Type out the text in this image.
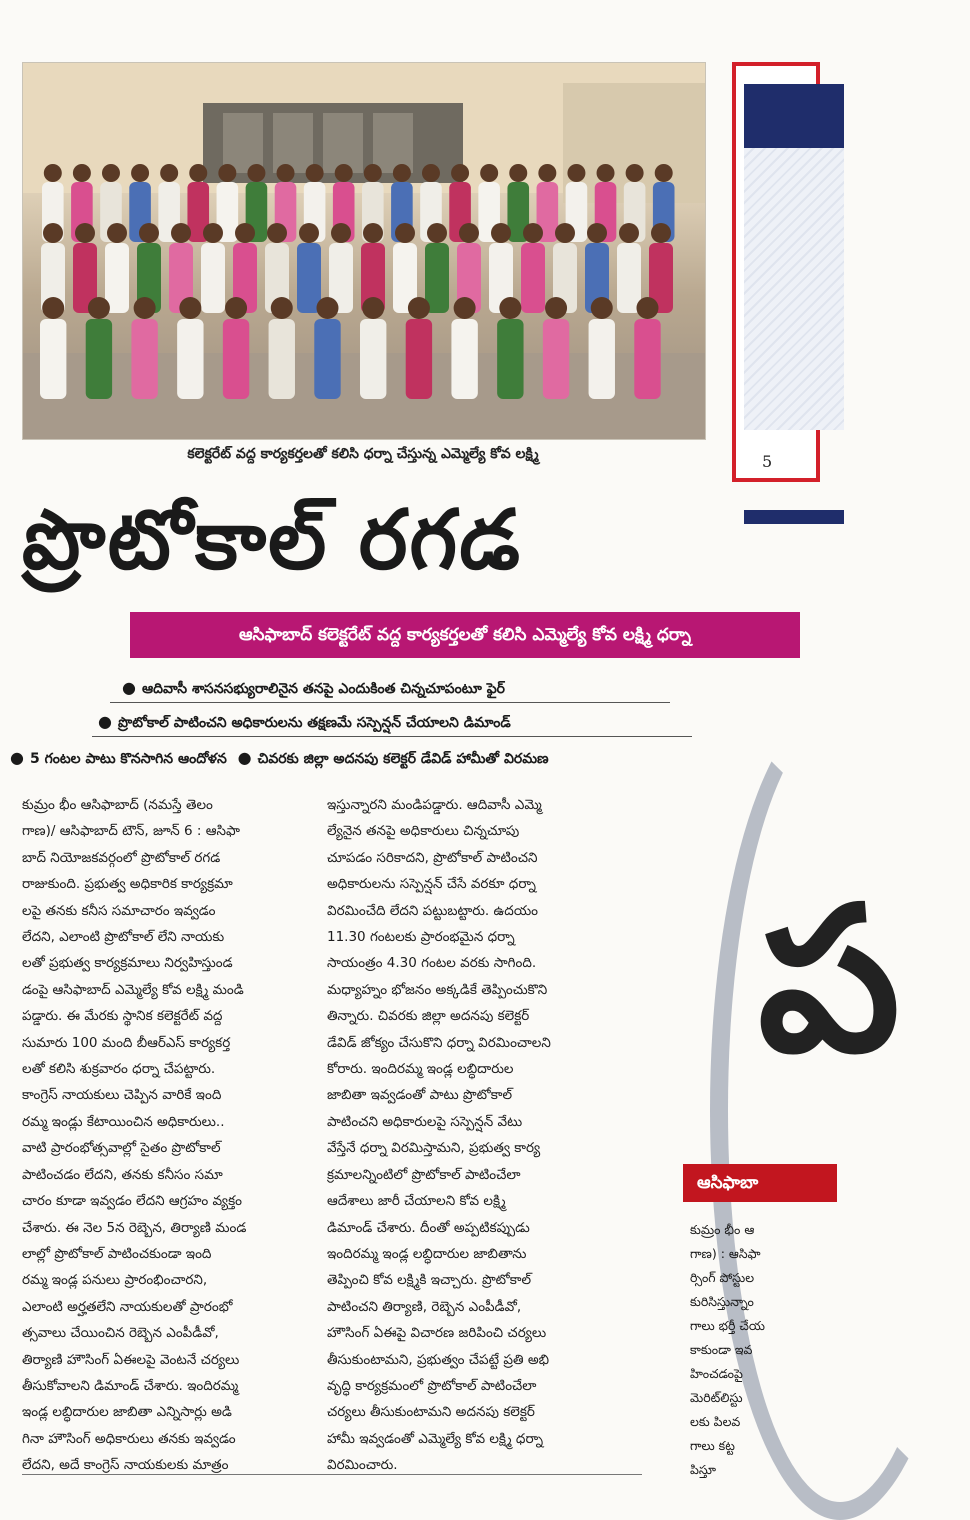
కలెక్టరేట్ వద్ద కార్యకర్తలతో కలిసి ధర్నా చేస్తున్న ఎమ్మెల్యే కోవ లక్ష్మి
ప్రొటోకాల్ రగడ
ఆసిఫాబాద్ కలెక్టరేట్ వద్ద కార్యకర్తలతో కలిసి ఎమ్మెల్యే కోవ లక్ష్మి ధర్నా
● ఆదివాసీ శాసనసభ్యురాలినైన తనపై ఎందుకింత చిన్నచూపంటూ ఫైర్
● ప్రొటోకాల్ పాటించని అధికారులను తక్షణమే సస్పెన్షన్ చేయాలని డిమాండ్
● 5 గంటల పాటు కొనసాగిన ఆందోళన ● చివరకు జిల్లా అదనపు కలెక్టర్ డేవిడ్ హామీతో విరమణ
కుమ్రం భీం ఆసిఫాబాద్ (నమస్తే తెలం
గాణ)/ ఆసిఫాబాద్ టౌన్, జూన్ 6 : ఆసిఫా
బాద్ నియోజకవర్గంలో ప్రొటోకాల్ రగడ
రాజుకుంది. ప్రభుత్వ అధికారిక కార్యక్రమా
లపై తనకు కనీస సమాచారం ఇవ్వడం
లేదని, ఎలాంటి ప్రొటోకాల్ లేని నాయకు
లతో ప్రభుత్వ కార్యక్రమాలు నిర్వహిస్తుండ
డంపై ఆసిఫాబాద్ ఎమ్మెల్యే కోవ లక్ష్మి మండి
పడ్డారు. ఈ మేరకు స్థానిక కలెక్టరేట్ వద్ద
సుమారు 100 మంది బీఆర్ఎస్ కార్యకర్త
లతో కలిసి శుక్రవారం ధర్నా చేపట్టారు.
కాంగ్రెస్ నాయకులు చెప్పిన వారికే ఇంది
రమ్మ ఇండ్లు కేటాయించిన అధికారులు..
వాటి ప్రారంభోత్సవాల్లో సైతం ప్రొటోకాల్
పాటించడం లేదని, తనకు కనీసం సమా
చారం కూడా ఇవ్వడం లేదని ఆగ్రహం వ్యక్తం
చేశారు. ఈ నెల 5న రెబ్బెన, తిర్యాణి మండ
లాల్లో ప్రొటోకాల్ పాటించకుండా ఇంది
రమ్మ ఇండ్ల పనులు ప్రారంభించారని,
ఎలాంటి అర్హతలేని నాయకులతో ప్రారంభో
త్సవాలు చేయించిన రెబ్బెన ఎంపీడీవో,
తిర్యాణి హౌసింగ్ ఏఈలపై వెంటనే చర్యలు
తీసుకోవాలని డిమాండ్ చేశారు. ఇందిరమ్మ
ఇండ్ల లబ్ధిదారుల జాబితా ఎన్నిసార్లు అడి
గినా హౌసింగ్ అధికారులు తనకు ఇవ్వడం
లేదని, అదే కాంగ్రెస్ నాయకులకు మాత్రం
ఇస్తున్నారని మండిపడ్డారు. ఆదివాసీ ఎమ్మె
ల్యేనైన తనపై అధికారులు చిన్నచూపు
చూపడం సరికాదని, ప్రొటోకాల్ పాటించని
అధికారులను సస్పెన్షన్ చేసే వరకూ ధర్నా
విరమించేది లేదని పట్టుబట్టారు. ఉదయం
11.30 గంటలకు ప్రారంభమైన ధర్నా
సాయంత్రం 4.30 గంటల వరకు సాగింది.
మధ్యాహ్నం భోజనం అక్కడికే తెప్పించుకొని
తిన్నారు. చివరకు జిల్లా అదనపు కలెక్టర్
డేవిడ్ జోక్యం చేసుకొని ధర్నా విరమించాలని
కోరారు. ఇందిరమ్మ ఇండ్ల లబ్ధిదారుల
జాబితా ఇవ్వడంతో పాటు ప్రొటోకాల్
పాటించని అధికారులపై సస్పెన్షన్ వేటు
వేస్తేనే ధర్నా విరమిస్తామని, ప్రభుత్వ కార్య
క్రమాలన్నింటిలో ప్రొటోకాల్ పాటించేలా
ఆదేశాలు జారీ చేయాలని కోవ లక్ష్మి
డిమాండ్ చేశారు. దీంతో అప్పటికప్పుడు
ఇందిరమ్మ ఇండ్ల లబ్ధిదారుల జాబితాను
తెప్పించి కోవ లక్ష్మికి ఇచ్చారు. ప్రొటోకాల్
పాటించని తిర్యాణి, రెబ్బెన ఎంపీడీవో,
హౌసింగ్ ఏఈపై విచారణ జరిపించి చర్యలు
తీసుకుంటామని, ప్రభుత్వం చేపట్టే ప్రతి అభి
వృద్ధి కార్యక్రమంలో ప్రొటోకాల్ పాటించేలా
చర్యలు తీసుకుంటామని అదనపు కలెక్టర్
హామీ ఇవ్వడంతో ఎమ్మెల్యే కోవ లక్ష్మి ధర్నా
విరమించారు.
5
ప
ఆసిఫాబా
కుమ్రం భీం ఆ
గాణ) : ఆసిఫా
ర్సింగ్ పోస్టుల
కురిసిస్తున్నాం
గాలు భర్తీ చేయ
కాకుండా ఇవ
హించడంపై
మెరిట్‌లిస్టు
లకు పిలవ
గాలు కట్ట
పిస్తూ
